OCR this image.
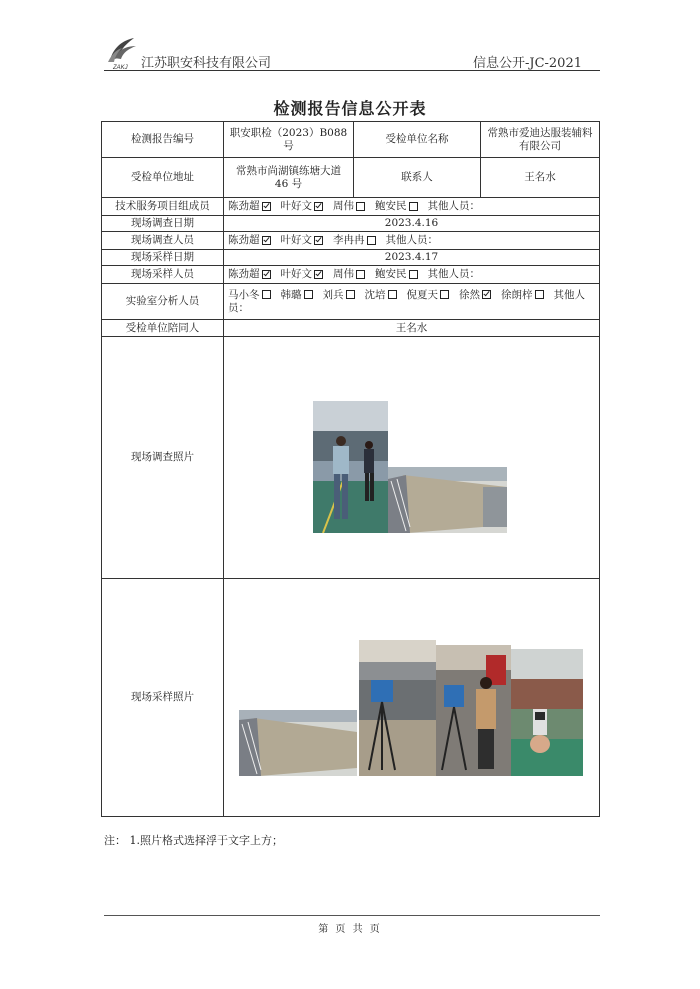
ZAKJ 江苏职安科技有限公司	信息公开-JC-2021
检测报告信息公开表
检测报告编号	职安职检（2023）B088 号	受检单位名称	常熟市爱迪达服装辅料有限公司
受检单位地址	常熟市尚湖镇练塘大道 46 号	联系人	王名水
技术服务项目组成员	陈劲超 叶好文 周伟 鲍安民 其他人员：		
现场调查日期	2023.4.16		
现场调查人员	陈劲超 叶好文 李冉冉 其他人员：		
现场采样日期	2023.4.17		
现场采样人员	陈劲超 叶好文 周伟 鲍安民 其他人员：		
实验室分析人员	马小冬 韩璐 刘兵 沈培 倪夏天 徐然 徐朗梓 其他人员：		
受检单位陪同人	王名水		
现场调查照片			
现场采样照片			
注： 1.照片格式选择浮于文字上方；
第 页 共 页
